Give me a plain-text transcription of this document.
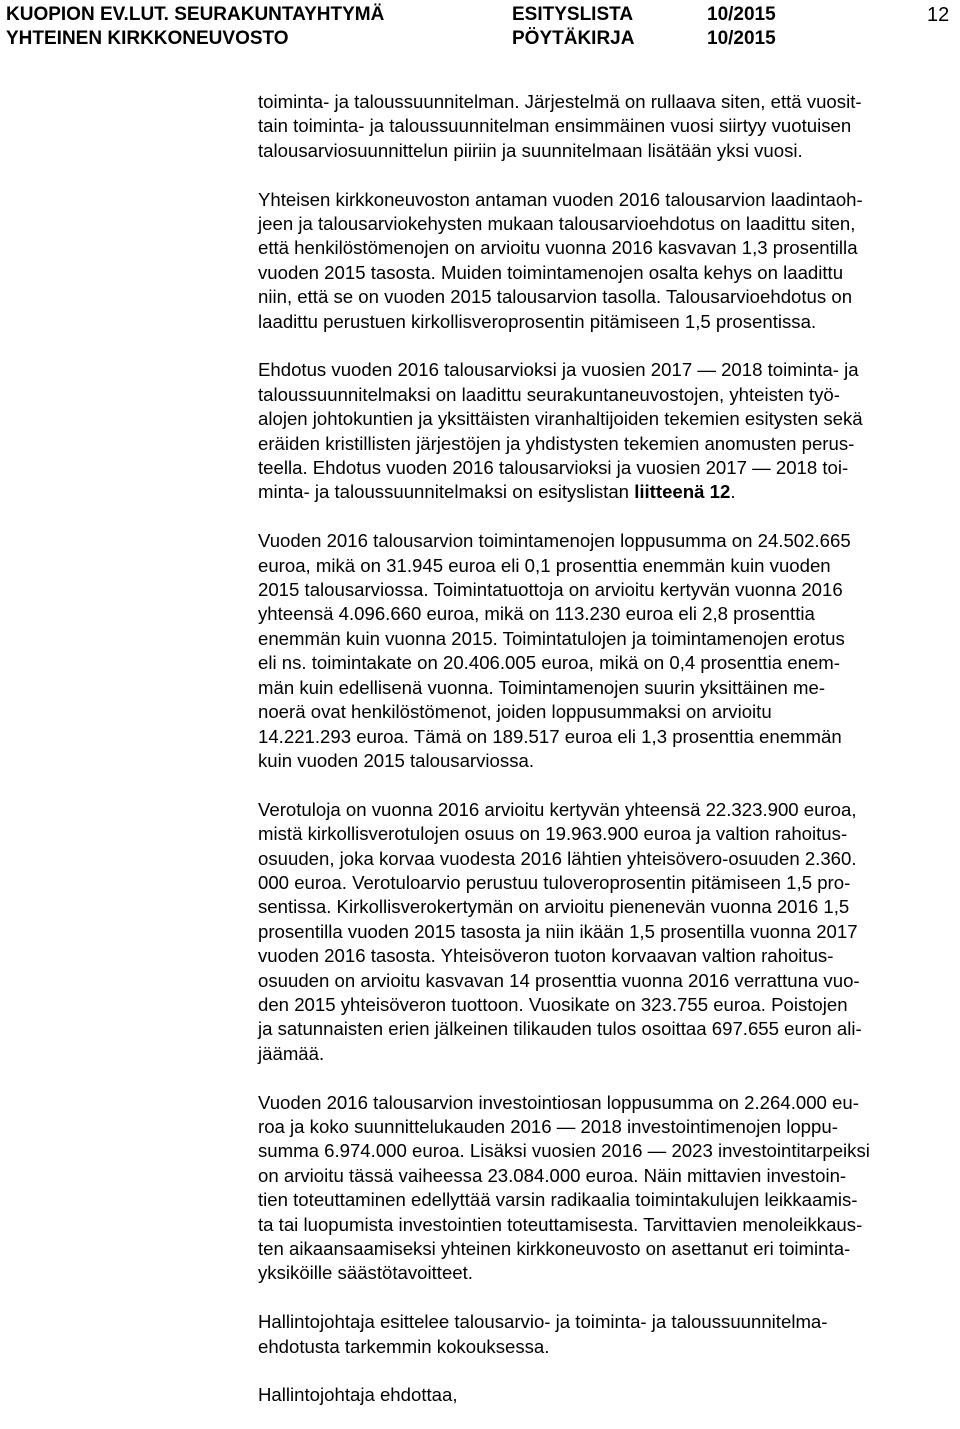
KUOPION EV.LUT. SEURAKUNTAYHTYMÄ	ESITYSLISTA	10/2015	12
YHTEINEN KIRKKONEUVOSTO	PÖYTÄKIRJA	10/2015

toiminta- ja taloussuunnitelman. Järjestelmä on rullaava siten, että vuosit-
tain toiminta- ja taloussuunnitelman ensimmäinen vuosi siirtyy vuotuisen
talousarviosuunnittelun piiriin ja suunnitelmaan lisätään yksi vuosi.

Yhteisen kirkkoneuvoston antaman vuoden 2016 talousarvion laadintaoh-
jeen ja talousarviokehysten mukaan talousarvioehdotus on laadittu siten,
että henkilöstömenojen on arvioitu vuonna 2016 kasvavan 1,3 prosentilla
vuoden 2015 tasosta. Muiden toimintamenojen osalta kehys on laadittu
niin, että se on vuoden 2015 talousarvion tasolla. Talousarvioehdotus on
laadittu perustuen kirkollisveroprosentin pitämiseen 1,5 prosentissa.

Ehdotus vuoden 2016 talousarvioksi ja vuosien 2017 — 2018 toiminta- ja
taloussuunnitelmaksi on laadittu seurakuntaneuvostojen, yhteisten työ-
alojen johtokuntien ja yksittäisten viranhaltijoiden tekemien esitysten sekä
eräiden kristillisten järjestöjen ja yhdistysten tekemien anomusten perus-
teella. Ehdotus vuoden 2016 talousarvioksi ja vuosien 2017 — 2018 toi-
minta- ja taloussuunnitelmaksi on esityslistan liitteenä 12.

Vuoden 2016 talousarvion toimintamenojen loppusumma on 24.502.665
euroa, mikä on 31.945 euroa eli 0,1 prosenttia enemmän kuin vuoden
2015 talousarviossa. Toimintatuottoja on arvioitu kertyvän vuonna 2016
yhteensä 4.096.660 euroa, mikä on 113.230 euroa eli 2,8 prosenttia
enemmän kuin vuonna 2015. Toimintatulojen ja toimintamenojen erotus
eli ns. toimintakate on 20.406.005 euroa, mikä on 0,4 prosenttia enem-
män kuin edellisenä vuonna. Toimintamenojen suurin yksittäinen me-
noerä ovat henkilöstömenot, joiden loppusummaksi on arvioitu
14.221.293 euroa. Tämä on 189.517 euroa eli 1,3 prosenttia enemmän
kuin vuoden 2015 talousarviossa.

Verotuloja on vuonna 2016 arvioitu kertyvän yhteensä 22.323.900 euroa,
mistä kirkollisverotulojen osuus on 19.963.900 euroa ja valtion rahoitus-
osuuden, joka korvaa vuodesta 2016 lähtien yhteisövero-osuuden 2.360.
000 euroa. Verotuloarvio perustuu tuloveroprosentin pitämiseen 1,5 pro-
sentissa. Kirkollisverokertymän on arvioitu pienenevän vuonna 2016 1,5
prosentilla vuoden 2015 tasosta ja niin ikään 1,5 prosentilla vuonna 2017
vuoden 2016 tasosta. Yhteisöveron tuoton korvaavan valtion rahoitus-
osuuden on arvioitu kasvavan 14 prosenttia vuonna 2016 verrattuna vuo-
den 2015 yhteisöveron tuottoon. Vuosikate on 323.755 euroa. Poistojen
ja satunnaisten erien jälkeinen tilikauden tulos osoittaa 697.655 euron ali-
jäämää.

Vuoden 2016 talousarvion investointiosan loppusumma on 2.264.000 eu-
roa ja koko suunnittelukauden 2016 — 2018 investointimenojen loppu-
summa 6.974.000 euroa. Lisäksi vuosien 2016 — 2023 investointitarpeiksi
on arvioitu tässä vaiheessa 23.084.000 euroa. Näin mittavien investoin-
tien toteuttaminen edellyttää varsin radikaalia toimintakulujen leikkaamis-
ta tai luopumista investointien toteuttamisesta. Tarvittavien menoleikkaus-
ten aikaansaamiseksi yhteinen kirkkoneuvosto on asettanut eri toiminta-
yksiköille säästötavoitteet.

Hallintojohtaja esittelee talousarvio- ja toiminta- ja taloussuunnitelma-
ehdotusta tarkemmin kokouksessa.

Hallintojohtaja ehdottaa,
